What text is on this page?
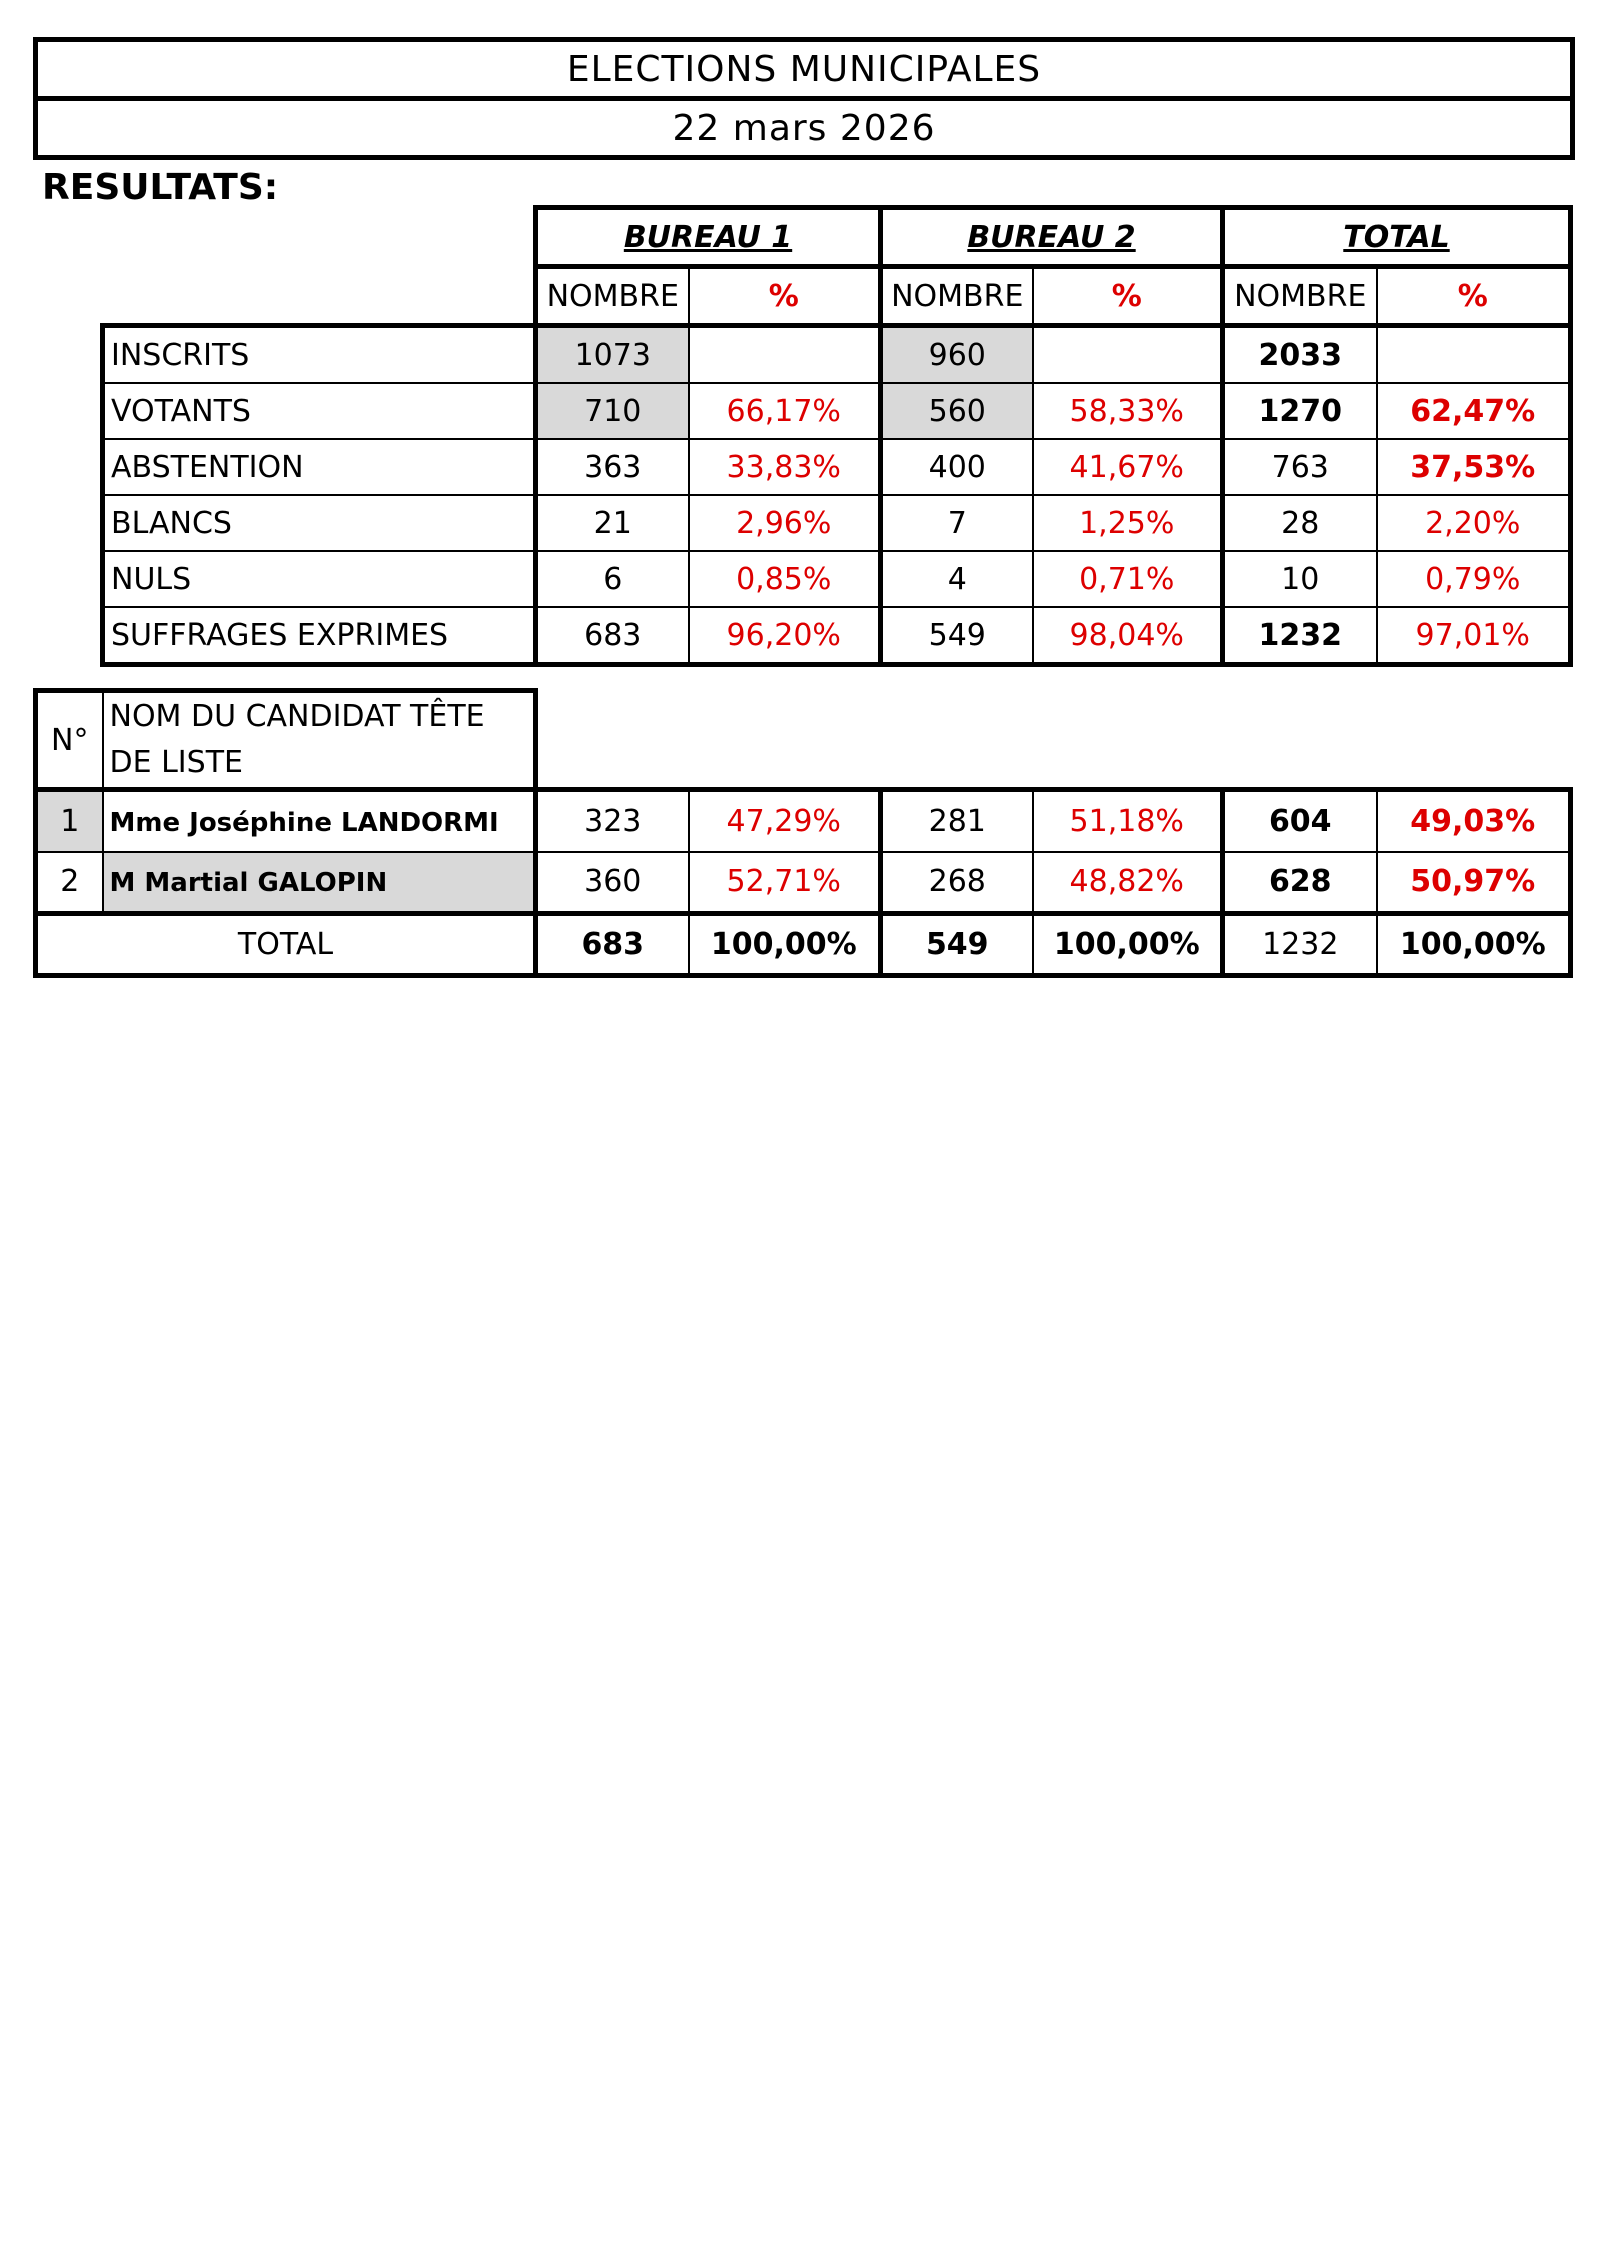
ELECTIONS MUNICIPALES
22 mars 2026
RESULTATS:
	BUREAU 1		BUREAU 2		TOTAL	
	NOMBRE	%	NOMBRE	%	NOMBRE	%
INSCRITS	1073		960		2033	
VOTANTS	710	66,17%	560	58,33%	1270	62,47%
ABSTENTION	363	33,83%	400	41,67%	763	37,53%
BLANCS	21	2,96%	7	1,25%	28	2,20%
NULS	6	0,85%	4	0,71%	10	0,79%
SUFFRAGES EXPRIMES	683	96,20%	549	98,04%	1232	97,01%
N°	NOM DU CANDIDAT TÊTE DE LISTE						
1	Mme Joséphine LANDORMI	323	47,29%	281	51,18%	604	49,03%
2	M Martial GALOPIN	360	52,71%	268	48,82%	628	50,97%
TOTAL		683	100,00%	549	100,00%	1232	100,00%
